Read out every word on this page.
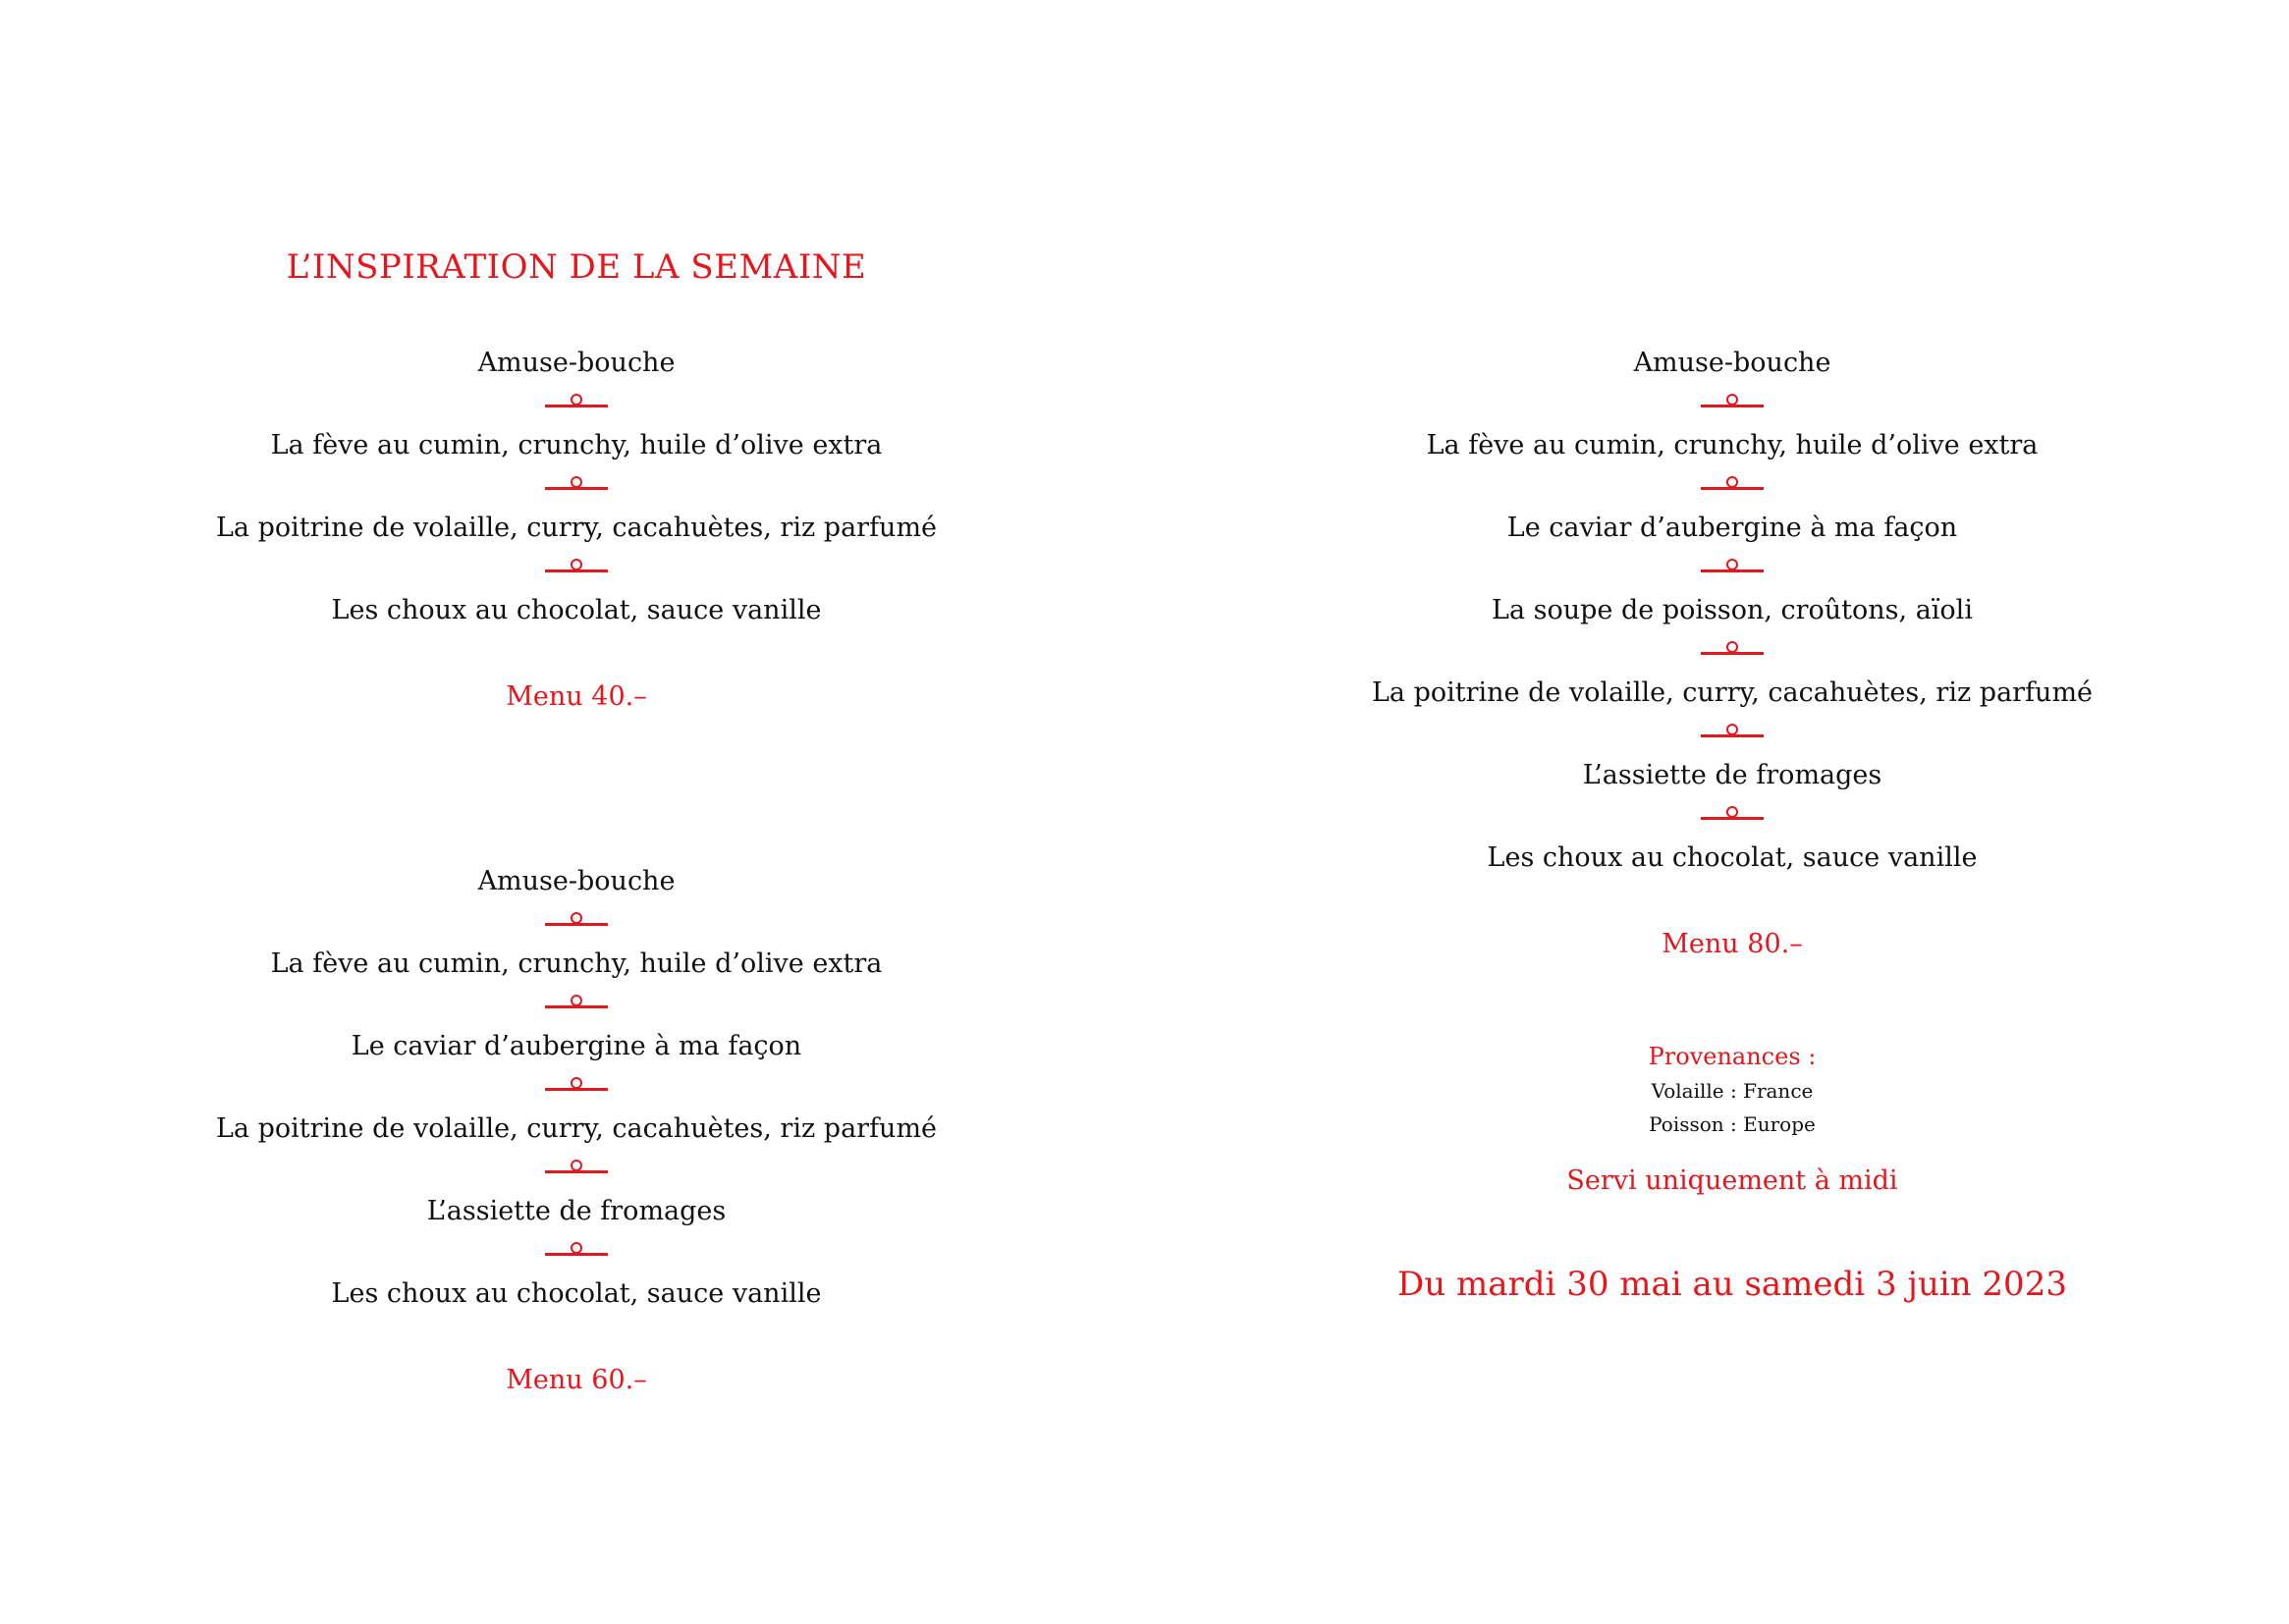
L’INSPIRATION DE LA SEMAINE
Amuse-bouche
La fève au cumin, crunchy, huile d’olive extra
La poitrine de volaille, curry, cacahuètes, riz parfumé
Les choux au chocolat, sauce vanille
Menu 40.–
Amuse-bouche
La fève au cumin, crunchy, huile d’olive extra
Le caviar d’aubergine à ma façon
La poitrine de volaille, curry, cacahuètes, riz parfumé
L’assiette de fromages
Les choux au chocolat, sauce vanille
Menu 60.–
Amuse-bouche
La fève au cumin, crunchy, huile d’olive extra
Le caviar d’aubergine à ma façon
La soupe de poisson, croûtons, aïoli
La poitrine de volaille, curry, cacahuètes, riz parfumé
L’assiette de fromages
Les choux au chocolat, sauce vanille
Menu 80.–
Provenances :
Volaille : France
Poisson : Europe
Servi uniquement à midi
Du mardi 30 mai au samedi 3 juin 2023
